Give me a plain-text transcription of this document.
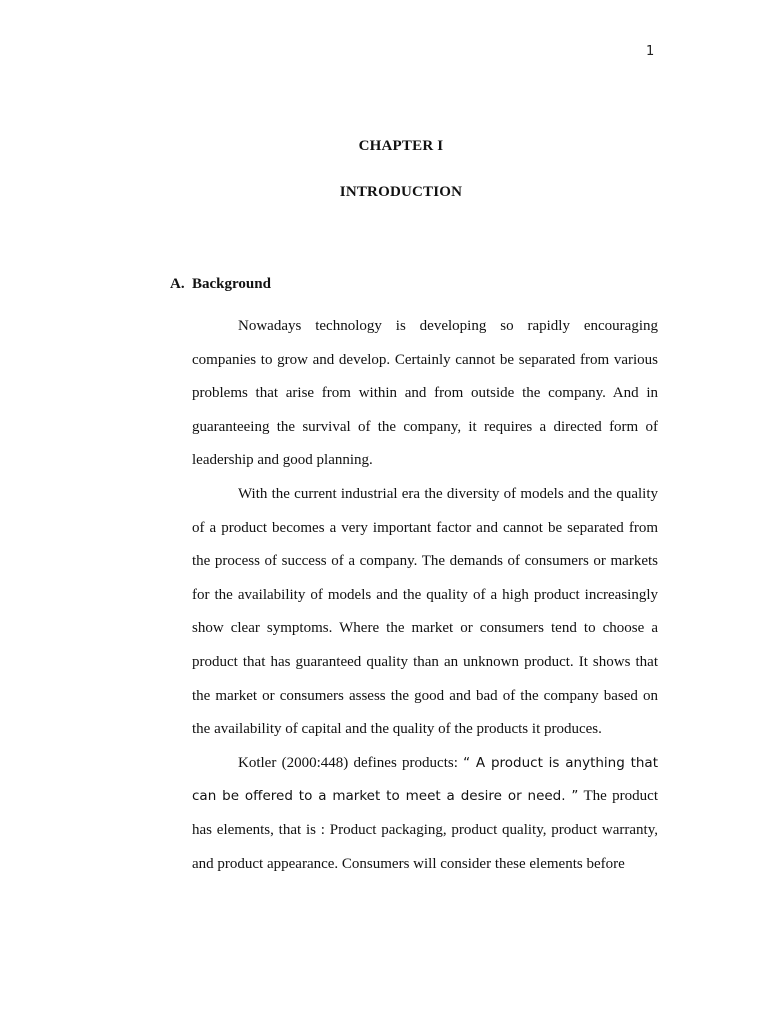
1
CHAPTER I
INTRODUCTION
A. Background

Nowadays technology is developing so rapidly encouraging companies to grow and develop. Certainly cannot be separated from various problems that arise from within and from outside the company. And in guaranteeing the survival of the company, it requires a directed form of leadership and good planning.

With the current industrial era the diversity of models and the quality of a product becomes a very important factor and cannot be separated from the process of success of a company. The demands of consumers or markets for the availability of models and the quality of a high product increasingly show clear symptoms. Where the market or consumers tend to choose a product that has guaranteed quality than an unknown product. It shows that the market or consumers assess the good and bad of the company based on the availability of capital and the quality of the products it produces.

Kotler (2000:448) defines products: “ A product is anything that can be offered to a market to meet a desire or need. ” The product has elements, that is : Product packaging, product quality, product warranty, and product appearance. Consumers will consider these elements before
